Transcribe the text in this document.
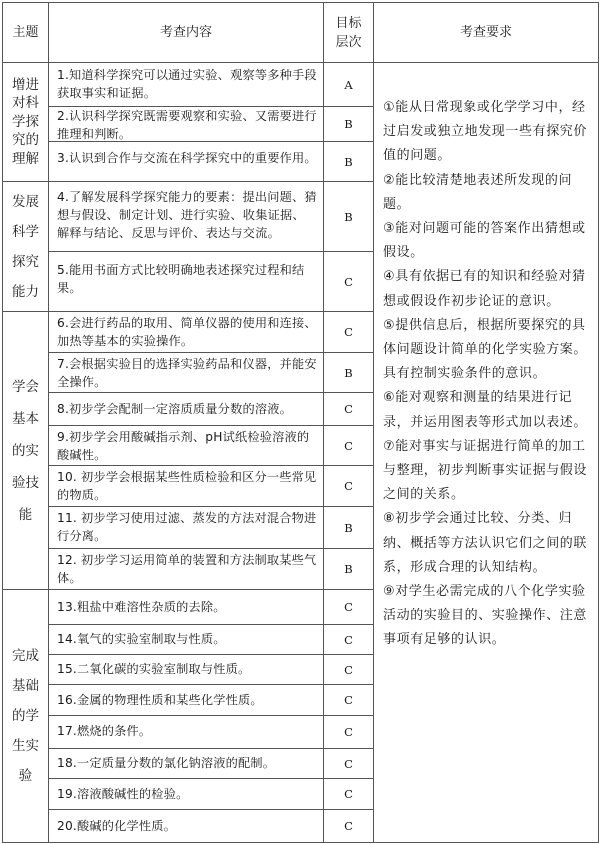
主题	考查内容
目标层次
考查要求
增进对科学探究的理解
发展科学探究能力
学会基本的实验技能
完成基础的学生实验
1.知道科学探究可以通过实验、观察等多种手段获取事实和证据。
2.认识科学探究既需要观察和实验、又需要进行推理和判断。
3.认识到合作与交流在科学探究中的重要作用。
4.了解发展科学探究能力的要素：提出问题、猜想与假设、制定计划、进行实验、收集证据、解释与结论、反思与评价、表达与交流。
5.能用书面方式比较明确地表述探究过程和结果。
6.会进行药品的取用、简单仪器的使用和连接、加热等基本的实验操作。
7.会根据实验目的选择实验药品和仪器，并能安全操作。
8.初步学会配制一定溶质质量分数的溶液。
9.初步学会用酸碱指示剂、pH试纸检验溶液的酸碱性。
10. 初步学会根据某些性质检验和区分一些常见的物质。
11. 初步学习使用过滤、蒸发的方法对混合物进行分离。
12. 初步学习运用简单的装置和方法制取某些气体。
13.粗盐中难溶性杂质的去除。
14.氧气的实验室制取与性质。
15.二氧化碳的实验室制取与性质。
16.金属的物理性质和某些化学性质。
17.燃烧的条件。
18.一定质量分数的氯化钠溶液的配制。
19.溶液酸碱性的检验。
20.酸碱的化学性质。
A
B
B
B
C
C
B
C
C
C
B
B
C
C
C
C
C
C
C
C

①能从日常现象或化学学习中，经过启发或独立地发现一些有探究价值的问题。

②能比较清楚地表述所发现的问题。

③能对问题可能的答案作出猜想或假设。

④具有依据已有的知识和经验对猜想或假设作初步论证的意识。

⑤提供信息后，根据所要探究的具体问题设计简单的化学实验方案。具有控制实验条件的意识。

⑥能对观察和测量的结果进行记录，并运用图表等形式加以表述。

⑦能对事实与证据进行简单的加工与整理，初步判断事实证据与假设之间的关系。

⑧初步学会通过比较、分类、归纳、概括等方法认识它们之间的联系，形成合理的认知结构。

⑨对学生必需完成的八个化学实验活动的实验目的、实验操作、注意事项有足够的认识。
